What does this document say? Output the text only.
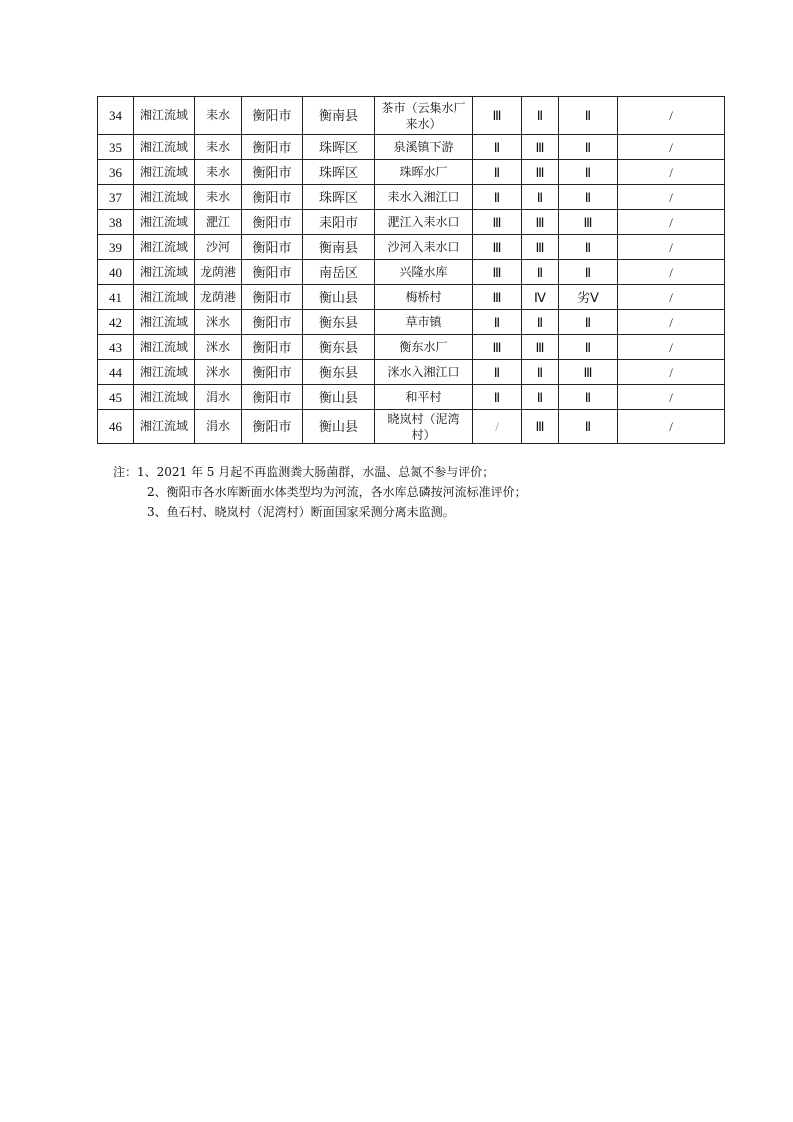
34	湘江流域	耒水	衡阳市	衡南县	茶市（云集水厂来水）	Ⅲ	Ⅱ	Ⅱ	/
35	湘江流域	耒水	衡阳市	珠晖区	泉溪镇下游	Ⅱ	Ⅲ	Ⅱ	/
36	湘江流域	耒水	衡阳市	珠晖区	珠晖水厂	Ⅱ	Ⅲ	Ⅱ	/
37	湘江流域	耒水	衡阳市	珠晖区	耒水入湘江口	Ⅱ	Ⅱ	Ⅱ	/
38	湘江流域	淝江	衡阳市	耒阳市	淝江入耒水口	Ⅲ	Ⅲ	Ⅲ	/
39	湘江流域	沙河	衡阳市	衡南县	沙河入耒水口	Ⅲ	Ⅲ	Ⅱ	/
40	湘江流域	龙荫港	衡阳市	南岳区	兴隆水库	Ⅲ	Ⅱ	Ⅱ	/
41	湘江流域	龙荫港	衡阳市	衡山县	梅桥村	Ⅲ	Ⅳ	劣Ⅴ	/
42	湘江流域	洣水	衡阳市	衡东县	草市镇	Ⅱ	Ⅱ	Ⅱ	/
43	湘江流域	洣水	衡阳市	衡东县	衡东水厂	Ⅲ	Ⅲ	Ⅱ	/
44	湘江流域	洣水	衡阳市	衡东县	洣水入湘江口	Ⅱ	Ⅱ	Ⅲ	/
45	湘江流域	涓水	衡阳市	衡山县	和平村	Ⅱ	Ⅱ	Ⅱ	/
46	湘江流域	涓水	衡阳市	衡山县	晓岚村（泥湾村）	/	Ⅲ	Ⅱ	/
注：1、2021 年 5 月起不再监测粪大肠菌群，水温、总氮不参与评价；
2、衡阳市各水库断面水体类型均为河流，各水库总磷按河流标准评价；
3、鱼石村、晓岚村（泥湾村）断面国家采测分离未监测。
